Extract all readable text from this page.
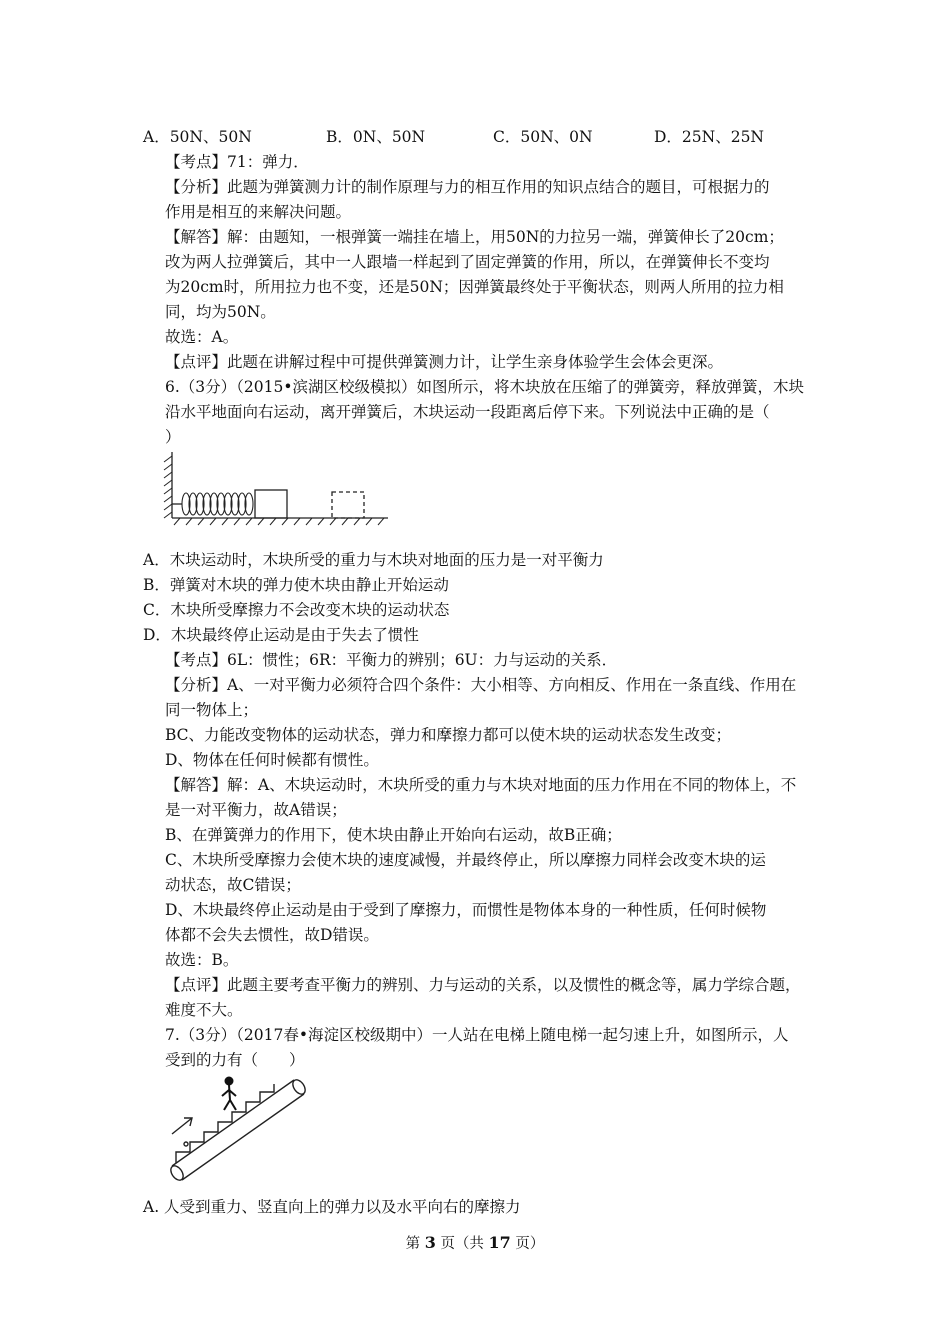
A．50N、50N	B．0N、50N	C．50N、0N	D．25N、25N
【考点】71：弹力．
【分析】此题为弹簧测力计的制作原理与力的相互作用的知识点结合的题目，可根据力的
作用是相互的来解决问题。
【解答】解：由题知，一根弹簧一端挂在墙上，用50N的力拉另一端，弹簧伸长了20cm；
改为两人拉弹簧后，其中一人跟墙一样起到了固定弹簧的作用，所以，在弹簧伸长不变均
为20cm时，所用拉力也不变，还是50N；因弹簧最终处于平衡状态，则两人所用的拉力相
同，均为50N。
故选：A。
【点评】此题在讲解过程中可提供弹簧测力计，让学生亲身体验学生会体会更深。
6.（3分）（2015•滨湖区校级模拟）如图所示，将木块放在压缩了的弹簧旁，释放弹簧，木块
沿水平地面向右运动，离开弹簧后，木块运动一段距离后停下来。下列说法中正确的是（
）
A．木块运动时，木块所受的重力与木块对地面的压力是一对平衡力
B．弹簧对木块的弹力使木块由静止开始运动
C．木块所受摩擦力不会改变木块的运动状态
D．木块最终停止运动是由于失去了惯性
【考点】6L：惯性；6R：平衡力的辨别；6U：力与运动的关系．
【分析】A、一对平衡力必须符合四个条件：大小相等、方向相反、作用在一条直线、作用在
同一物体上；
BC、力能改变物体的运动状态，弹力和摩擦力都可以使木块的运动状态发生改变；
D、物体在任何时候都有惯性。
【解答】解：A、木块运动时，木块所受的重力与木块对地面的压力作用在不同的物体上，不
是一对平衡力，故A错误；
B、在弹簧弹力的作用下，使木块由静止开始向右运动，故B正确；
C、木块所受摩擦力会使木块的速度减慢，并最终停止，所以摩擦力同样会改变木块的运
动状态，故C错误；
D、木块最终停止运动是由于受到了摩擦力，而惯性是物体本身的一种性质，任何时候物
体都不会失去惯性，故D错误。
故选：B。
【点评】此题主要考查平衡力的辨别、力与运动的关系，以及惯性的概念等，属力学综合题，
难度不大。
7.（3分）（2017春•海淀区校级期中）一人站在电梯上随电梯一起匀速上升，如图所示，人
受到的力有（　　）
A. 人受到重力、竖直向上的弹力以及水平向右的摩擦力
第 3 页（共 17 页）
